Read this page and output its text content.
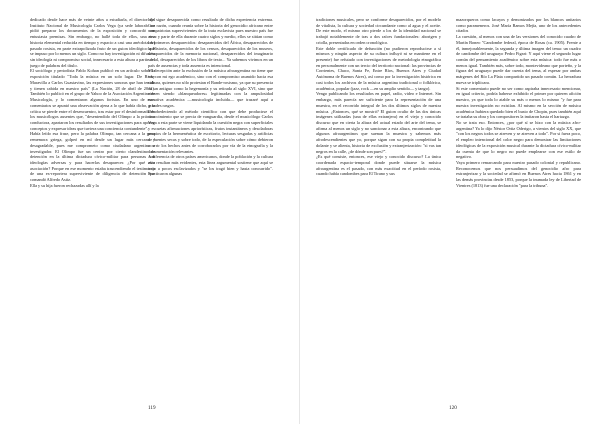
dedicado desde hace más de veinte años a estudiarla, el director del Instituto Nacional de Musicología Carlos Vega (ya sede laborab me pidió preparar los documentos de la exposición y concordó con entusiasta premisas. Sin embargo, no hallé toda de ellos, una vez historia elemental reducida en tiempo y espacio a casi una anécdota del pasado rosista, en parte extrapolizada fruto de un guion ideológico que se impuso por lo menos un siglo. Como no hay investigación ni difusión sin ideología ni compromiso social, innecesario a esta altura a partir del juego de palabras del título.

El sociólogo y periodista Pablo Kohan publicó en un artículo sobre la exposición titulado "Toda la música en un solo lugar. De Ricky Maravilla a Carlos Guastavino, las expresiones sonoras que han tenido y tienen cabida en nuestro país" (La Nación, 28 de abril de 2012). También lo publicó en el grupo de Yahoo de la Asociación Argentina de Musicología, y lo comentaron algunos foristas. En uno de esos comentarios se apuntó una observación ajena a lo que había dicho, y la crítica se pierde entre el desencuentro, tras estar por el desinformado de los musicólogos ausentes que, "desentendido del Olimpo a la práctica conductora, apartaron los resultados de sus investigaciones para aportar conceptos y expresar ideas que tuviera una conciencia contundente".

Había leído esa frase, pero la palabra Olimpo, tan cercana a la pena rememora griega, golpeó en mí desde un lugar más cercano y desagradable, pues me comprometo como ciudadano argentino e investigador. El Olimpo fue un centro por cierto clandestino de detención en la última dictadura cívico-militar para personas con ideologías adversas y para hacerlas desaparecer. ¿Por qué esta asociación? Porque en ese momento estaba trascendiendo el testimonio de una ex-reportera superviviente de diligencia de detención que comandó Alfredo Astiz.

Ella y su hija fueron rechazadas allí y la

hija sigue desaparecida como resultado de dicha experiencia extrema. Con razón, cuando reunía sobre la historia del genocidio africano entre compatriotas supervivientes de la trata esclavista pues nuestro país fue atroz y parte de ella durante cuatro siglos y medio, ellos se sitúan como los primeros desaparecidos: desaparecidos del África, desaparecidos de la Historia, desaparecidos de los censos, desaparecidos de los museos, desaparecidos de la memoria nacional, desaparecidos del imaginario social, desaparecidos de los libros de texto... Ya sabemos vivimos en un país de ausencias y toda ausencia es intencional.

Mi decepción ante la exclusión de la música afroargentina no tiene que ver con mi ego académico, sino con el compromiso asumido hacia esa cultura, quienes no sólo protestan el Bande-rosismo, ya que su presencia en un antiguo como la hegemonía y su retirada al siglo XVI, sino que vienen siendo «blanqueadores» legitimadas con la ampulosidad narrativa académica —musicología incluida— que trazaré aquí a grandes rasgos.

Desobedeciendo al método científico con que debe producirse el conocimiento que se precia de vanguardia, desde el musicólogo Carlos Vega a esta parte se viene liquidando la cuestión negra con superficiales y escuetas afirmaciones apriorísticas, frutos instantáneos y desoladoras propios de la hermenéutica de escritorio, lecturas sesgadas y artificias de fuentes secas y sobre todo, de la especulación sobre cómo debieron ocurrir los hechos antes de corroborarlos por vía de la etnografía y la documentación relevantes.

A diferencia de otros países americanos, donde la población y la cultura afro resultan más evidentes, esta línea argumental sostiene que aquí se trajo a pocos esclavizados y "se los tragó bien y hasta concurrido". Practicaron algunas

119

tradiciones musicales, pero se conforme desaparecidos, por el modelo de vitalista, la cultura y sociedad circundante como al agua y el aceite. De este modo, el mismo otro pierde a los de la identidad nacional se trabajó notablemente de tras a dos raíces fundacionales: aborigen y criolla, presentadas en orden cronológico.

Este doble certificado de defunción (no pudieron reproducirse a sí mismos y ningún aspecto de su cultura influyó ni se mantiene en el presente) fue refutado con investigaciones de metodología etnográfica en personalmente con un tercio del territorio nacional: las provincias de Corrientes, Chaco, Santa Fe, Entre Ríos, Buenos Aires y Ciudad Autónoma de Buenos Aires), así como por la investigación histórica en casi todos los archivos de la música argentina tradicional o folklórica, académica, popular (jazz, rock —en su amplio sentido— y tango).

Vengo publicando los resultados en papel, radio, video e Internet. Sin embargo, más parecía ser suficiente para la representación de una muestra, en el recorrido integral de los dos últimos siglos de nuestra música. ¿Entonces, qué se mostró? El guion oculto de las dos únicas imágenes utilizadas (una de ellas extranjera) en el viejo y conocido discurso que en cierta la altura del actual estado del arte del tema, se afirma al menos un siglo y no sancionar a esta altura, encontrando que algunos afroargentinos que suenan la muestra y sabemos más afrodescendientes que yo, porque sigan con su propia completitud la dolante y se alienta, historia de exclusión y extranjerización: "si vas tan negros en la calle, ¿de dónde son pues?".

¿Es qué consiste, entonces, ese viejo y conocido discurso? La única coordenada espacio-temporal donde puede situarse la música afroargentina es el pasado, con más exactitud en el período rosista, cuando había candombes para El Tirano y sus

mazorqueros como lacayos y demonizados por los blancos unitarios como parameneros. José María Ramos Mejía, uno de los antecedentes citados

La cuestión, al menos con una de las versiones del conocido cuadro de Martín Boneo "Candombe federal, época de Rosas (ca. 1905). Frente a él, inmejorablemente, la segunda y última imagen del tema: un cuadro de candombe del uruguayo Pedro Figari: Y aquí viene el segundo lugar común del pensamiento académico sobre esta música: todo fue más o menos igual. También más, sobre todo, montevideano que porteño, y la figura del uruguayo puede dar cuenta del tema, al espesar por ambas márgenes del Río La Plata compartido un pasado común. La herradura nueva se tripliicara.

Si este comentario puede no ser como aspiraba innecesario mencionar, en igual criterio, podría haberse exhibido el primer por quieren afición nuestro, ya que toda lo atable su más o menos lo mismo "y fue para nuestra investigación no existían. Al mismo en la sección de música académica hubiera quedado bien el busto de Chopin, pues también aquí se trataba su obra y los compositores la imitaron hasta el hartazgo.

No se trata eso. Entonces, ¿por qué sí se hizo con la música afro-argentina? Ya lo dijo Néstor Ortiz Oderigo, a vientos del siglo XX, que "con los negros todos se atreven y se atreven a todo". Por si fuera poco, el empleo intencional del color negro para demostrar las limitaciones ideológicas de la exposición musical durante la dictadura cívico-militar da cuenta de que lo negro no puede emplearse con ese estilo de negativo.

Vaya primero remarcando para nuestro pasado colonial y republicano. Reconocemos que nos persuadimos del genocidio afro para extranjerizar y la sociedad se afirmó en Buenos Aires hacia 1861 y en las demás provincias desde 1853, porque la inumada ley de Libertad de Vientres (1813) fue una declaración "para la tribuna".

120
